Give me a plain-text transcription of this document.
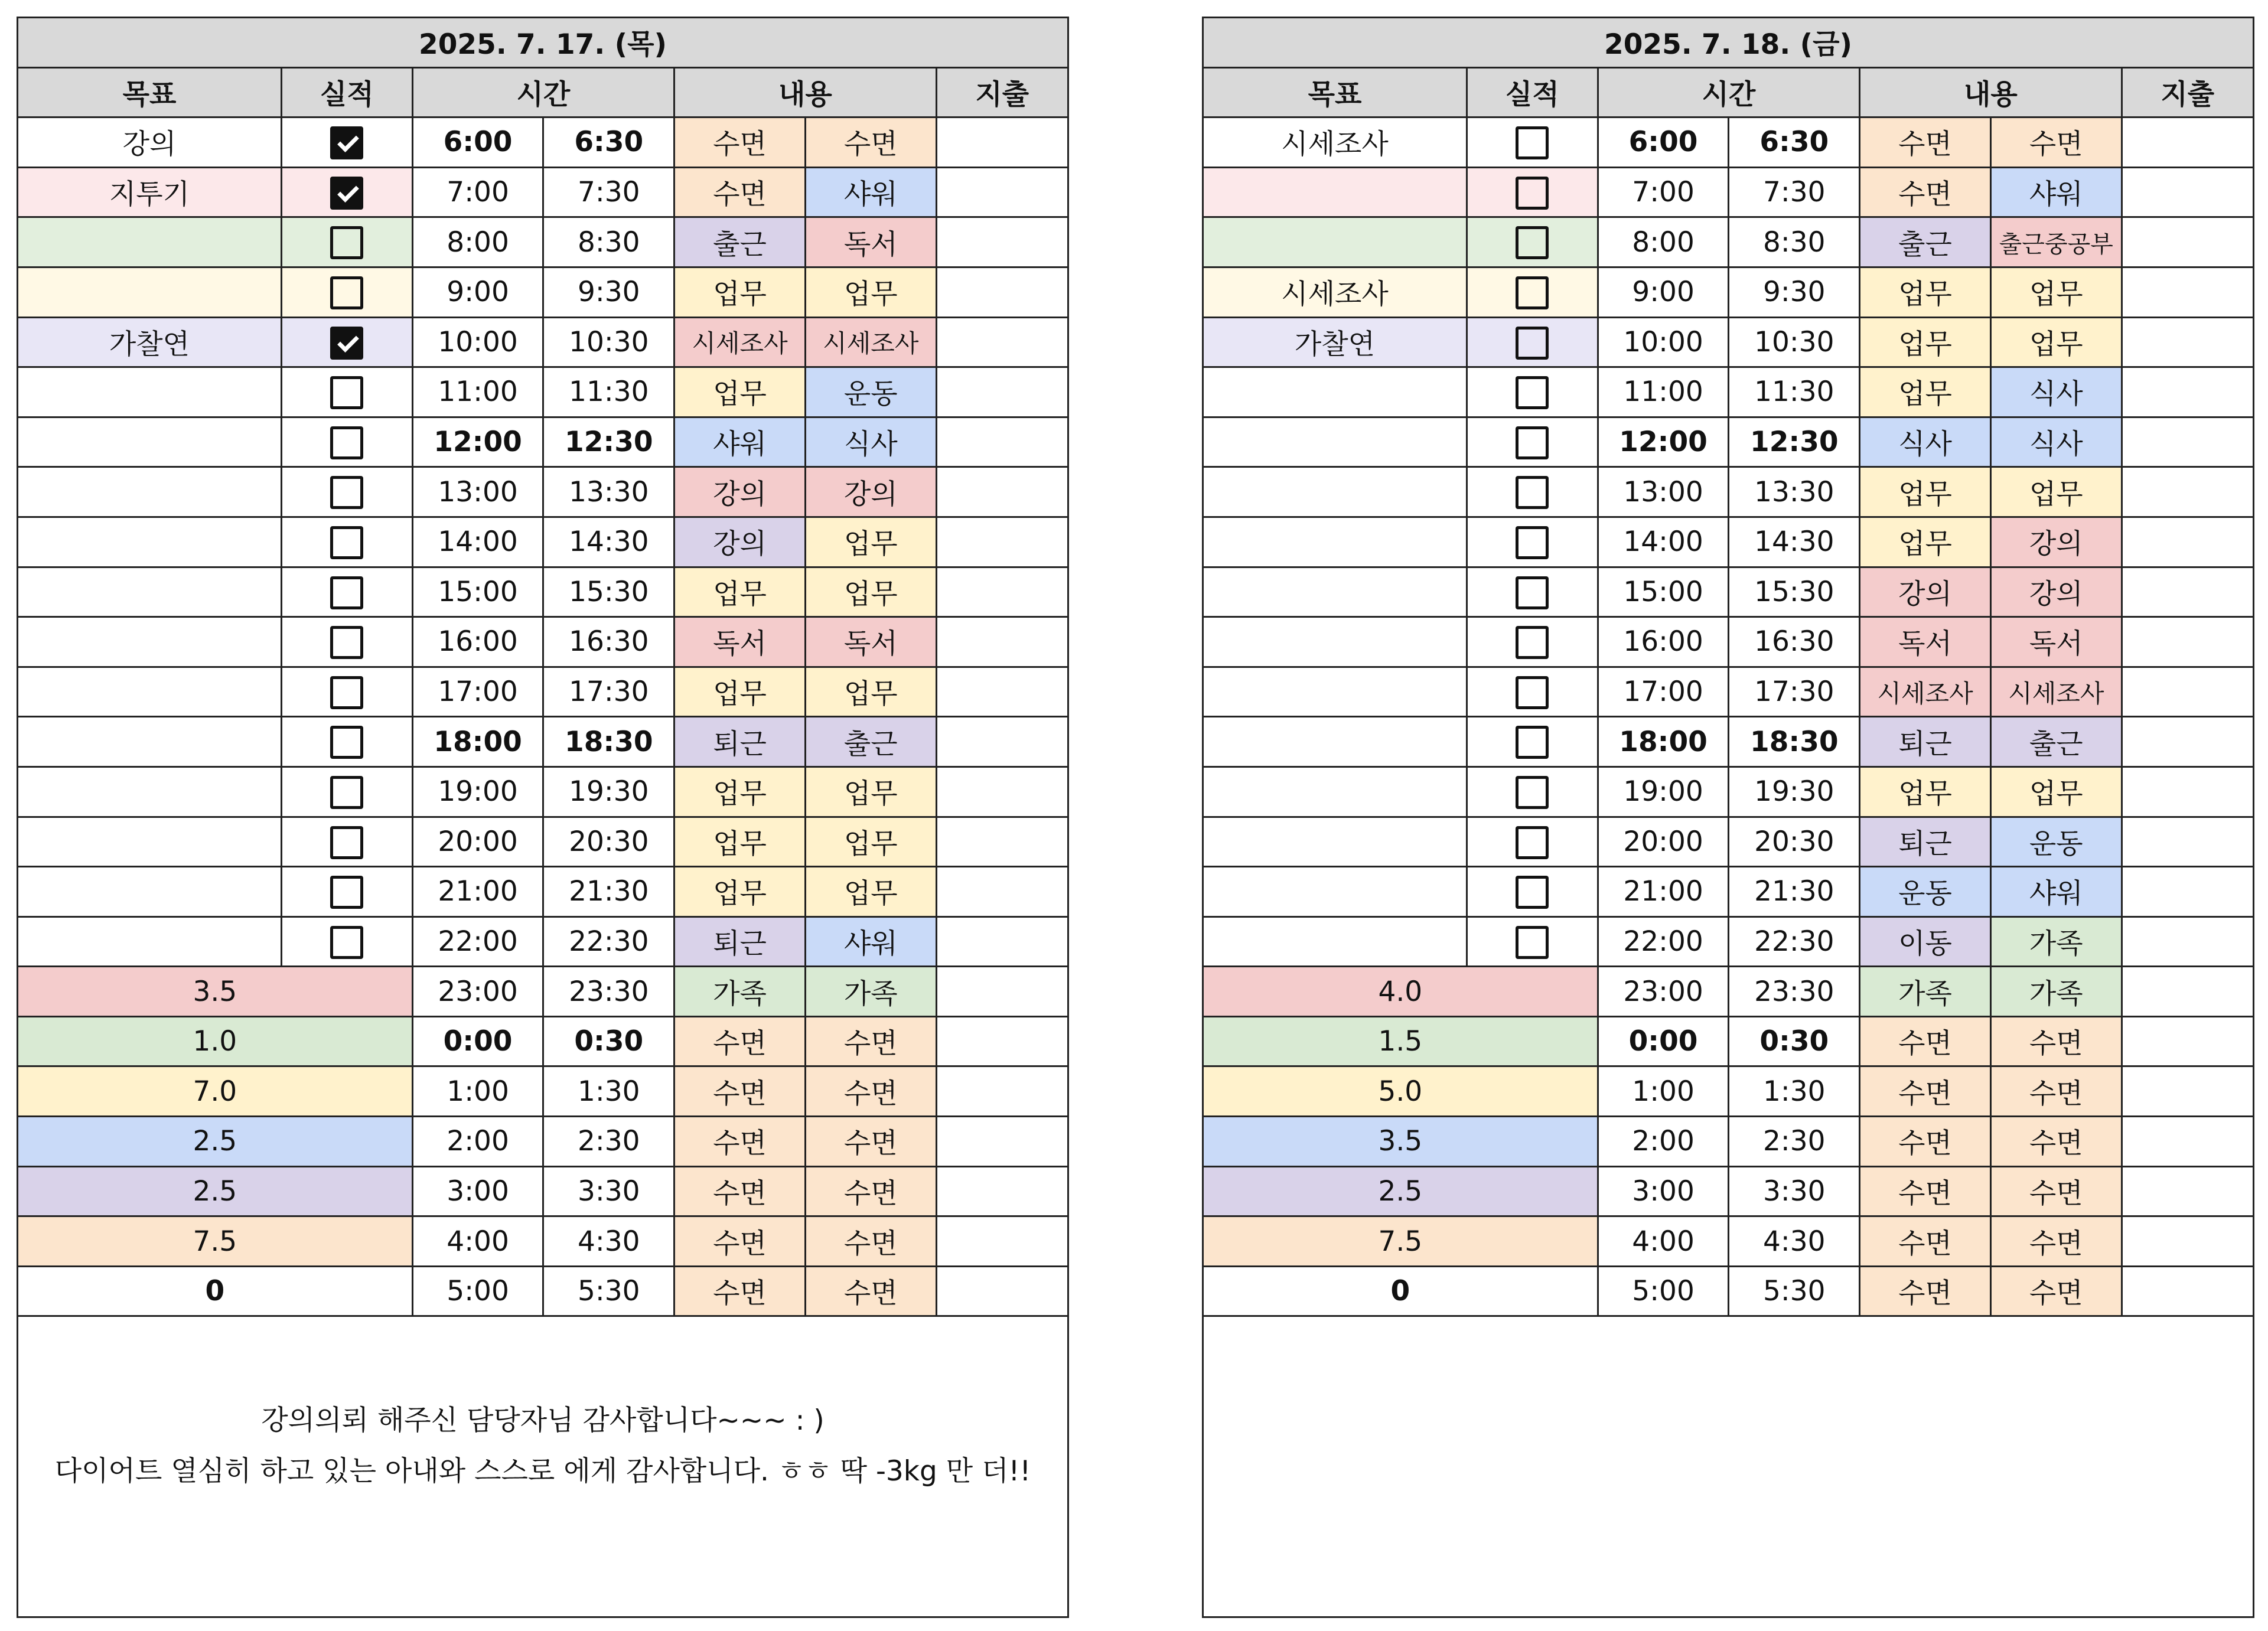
2025. 7. 17. (목)						
목표	실적	시간		내용		지출
강의		6:00	6:30	수면	수면	
지투기		7:00	7:30	수면	샤워	
		8:00	8:30	출근	독서	
		9:00	9:30	업무	업무	
가찰연		10:00	10:30	시세조사	시세조사	
		11:00	11:30	업무	운동	
		12:00	12:30	샤워	식사	
		13:00	13:30	강의	강의	
		14:00	14:30	강의	업무	
		15:00	15:30	업무	업무	
		16:00	16:30	독서	독서	
		17:00	17:30	업무	업무	
		18:00	18:30	퇴근	출근	
		19:00	19:30	업무	업무	
		20:00	20:30	업무	업무	
		21:00	21:30	업무	업무	
		22:00	22:30	퇴근	샤워	
3.5		23:00	23:30	가족	가족	
1.0		0:00	0:30	수면	수면	
7.0		1:00	1:30	수면	수면	
2.5		2:00	2:30	수면	수면	
2.5		3:00	3:30	수면	수면	
7.5		4:00	4:30	수면	수면	
0		5:00	5:30	수면	수면	
강의의뢰 해주신 담당자님 감사합니다~~~ : )
다이어트 열심히 하고 있는 아내와 스스로 에게 감사합니다. ㅎㅎ 딱 -3kg 만 더!!
2025. 7. 18. (금)						
목표	실적	시간		내용		지출
시세조사		6:00	6:30	수면	수면	
		7:00	7:30	수면	샤워	
		8:00	8:30	출근	출근중공부	
시세조사		9:00	9:30	업무	업무	
가찰연		10:00	10:30	업무	업무	
		11:00	11:30	업무	식사	
		12:00	12:30	식사	식사	
		13:00	13:30	업무	업무	
		14:00	14:30	업무	강의	
		15:00	15:30	강의	강의	
		16:00	16:30	독서	독서	
		17:00	17:30	시세조사	시세조사	
		18:00	18:30	퇴근	출근	
		19:00	19:30	업무	업무	
		20:00	20:30	퇴근	운동	
		21:00	21:30	운동	샤워	
		22:00	22:30	이동	가족	
4.0		23:00	23:30	가족	가족	
1.5		0:00	0:30	수면	수면	
5.0		1:00	1:30	수면	수면	
3.5		2:00	2:30	수면	수면	
2.5		3:00	3:30	수면	수면	
7.5		4:00	4:30	수면	수면	
0		5:00	5:30	수면	수면	
